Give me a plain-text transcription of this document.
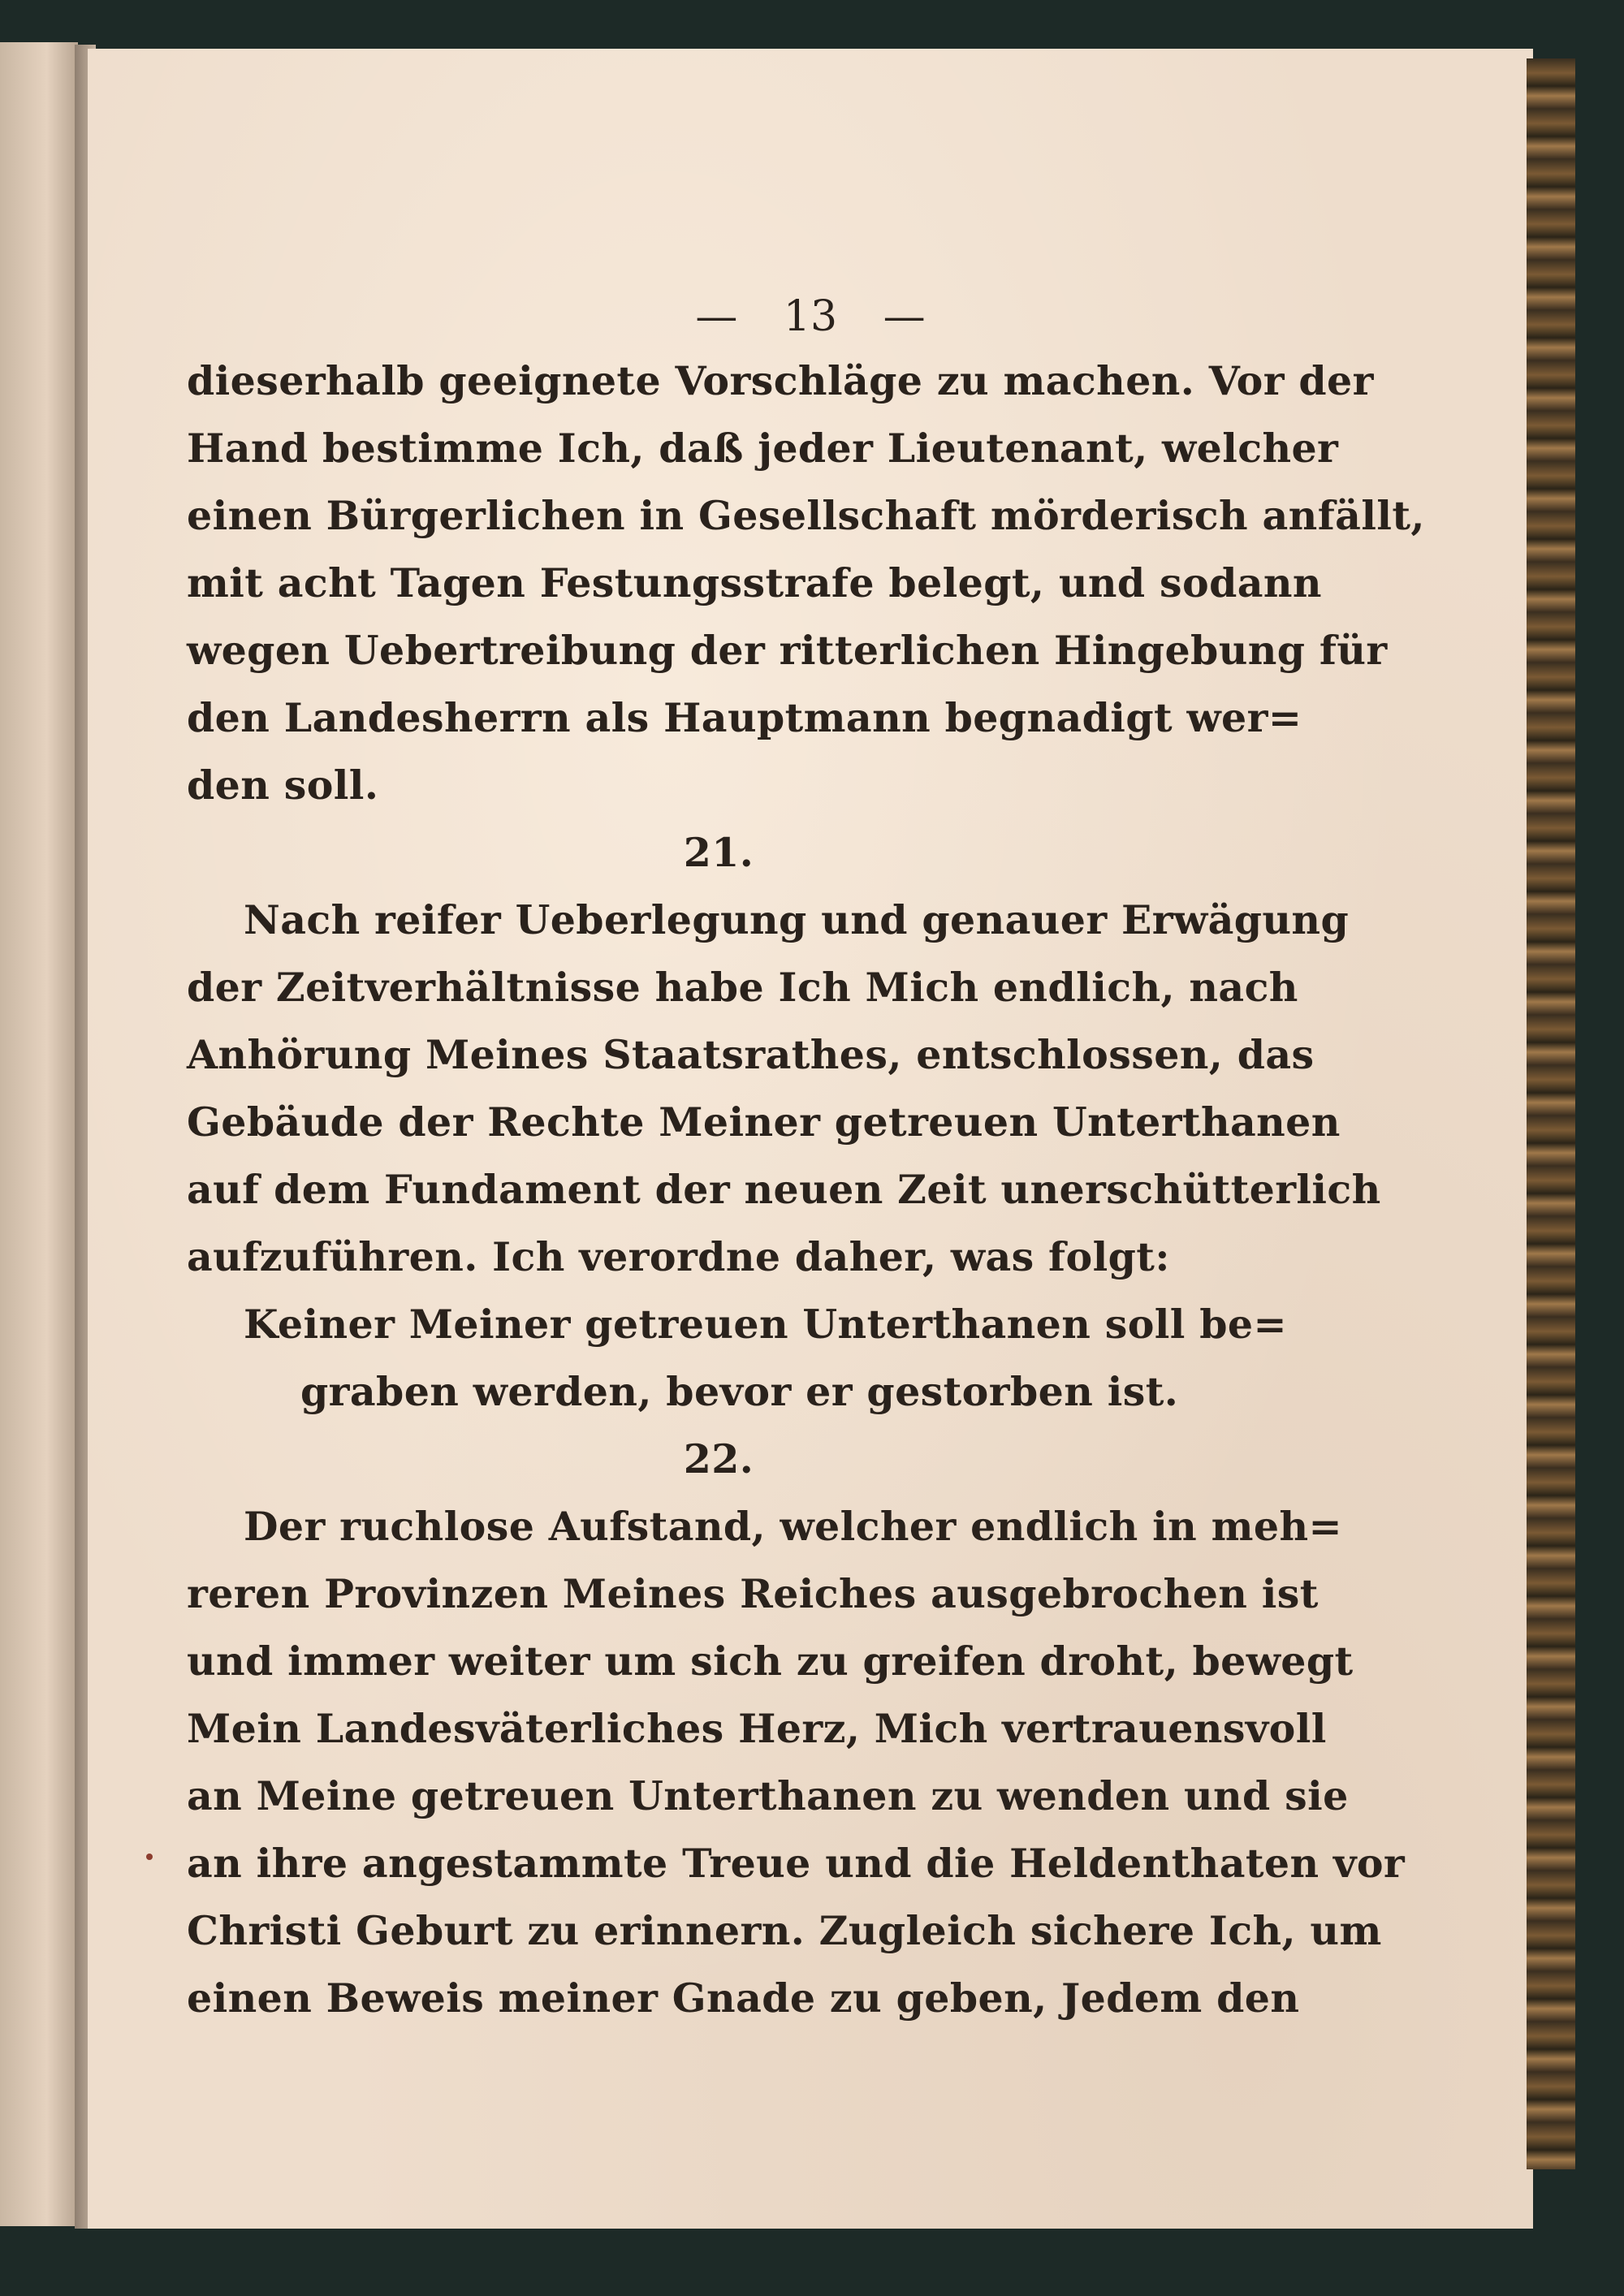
— 13 —
dieserhalb geeignete Vorschläge zu machen. Vor der
Hand bestimme Ich, daß jeder Lieutenant, welcher
einen Bürgerlichen in Gesellschaft mörderisch anfällt,
mit acht Tagen Festungsstrafe belegt, und sodann
wegen Uebertreibung der ritterlichen Hingebung für
den Landesherrn als Hauptmann begnadigt wer=
den soll.
21.
Nach reifer Ueberlegung und genauer Erwägung
der Zeitverhältnisse habe Ich Mich endlich, nach
Anhörung Meines Staatsrathes, entschlossen, das
Gebäude der Rechte Meiner getreuen Unterthanen
auf dem Fundament der neuen Zeit unerschütterlich
aufzuführen. Ich verordne daher, was folgt:
Keiner Meiner getreuen Unterthanen soll be=
graben werden, bevor er gestorben ist.
22.
Der ruchlose Aufstand, welcher endlich in meh=
reren Provinzen Meines Reiches ausgebrochen ist
und immer weiter um sich zu greifen droht, bewegt
Mein Landesväterliches Herz, Mich vertrauensvoll
an Meine getreuen Unterthanen zu wenden und sie
an ihre angestammte Treue und die Heldenthaten vor
Christi Geburt zu erinnern. Zugleich sichere Ich, um
einen Beweis meiner Gnade zu geben, Jedem den
